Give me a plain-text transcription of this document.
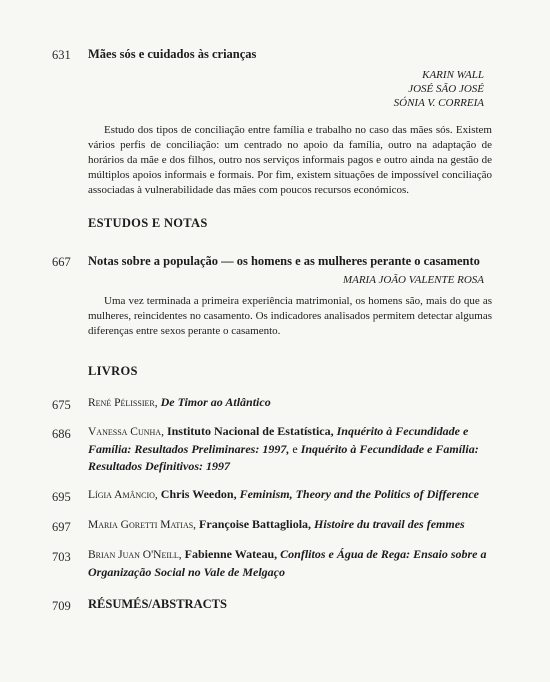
631 Mães sós e cuidados às crianças
KARIN WALL
JOSÉ SÃO JOSÉ
SÓNIA V. CORREIA
Estudo dos tipos de conciliação entre família e trabalho no caso das mães sós. Existem vários perfis de conciliação: um centrado no apoio da família, outro na adaptação de horários da mãe e dos filhos, outro nos serviços informais pagos e outro ainda na gestão de múltiplos apoios informais e formais. Por fim, existem situações de impossível conciliação associadas à vulnerabilidade das mães com poucos recursos económicos.
ESTUDOS E NOTAS
667 Notas sobre a população — os homens e as mulheres perante o casamento
MARIA JOÃO VALENTE ROSA
Uma vez terminada a primeira experiência matrimonial, os homens são, mais do que as mulheres, reincidentes no casamento. Os indicadores analisados permitem detectar algumas diferenças entre sexos perante o casamento.
LIVROS
675 René Pélissier, De Timor ao Atlântico
686 Vanessa Cunha, Instituto Nacional de Estatística, Inquérito à Fecundidade e Família: Resultados Preliminares: 1997, e Inquérito à Fecundidade e Família: Resultados Definitivos: 1997
695 Lígia Amâncio, Chris Weedon, Feminism, Theory and the Politics of Difference
697 Maria Goretti Matias, Françoise Battagliola, Histoire du travail des femmes
703 Brian Juan O'Neill, Fabienne Wateau, Conflitos e Água de Rega: Ensaio sobre a Organização Social no Vale de Melgaço
709 RÉSUMÉS/ABSTRACTS
